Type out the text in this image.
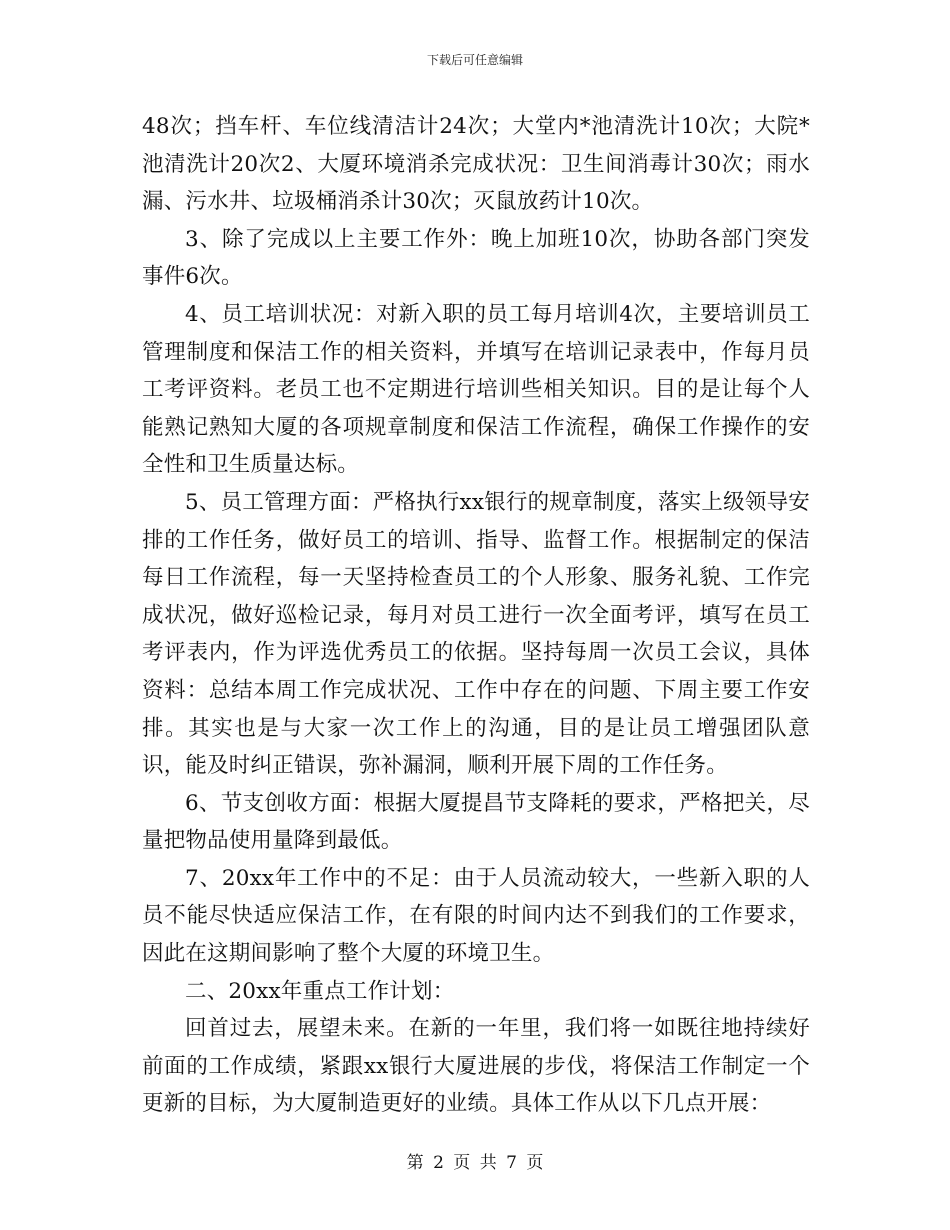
下载后可任意编辑

48次；挡车杆、车位线清洁计24次；大堂内*池清洗计10次；大院*池清洗计20次2、大厦环境消杀完成状况：卫生间消毒计30次；雨水漏、污水井、垃圾桶消杀计30次；灭鼠放药计10次。

3、除了完成以上主要工作外：晚上加班10次，协助各部门突发事件6次。

4、员工培训状况：对新入职的员工每月培训4次，主要培训员工管理制度和保洁工作的相关资料，并填写在培训记录表中，作每月员工考评资料。老员工也不定期进行培训些相关知识。目的是让每个人能熟记熟知大厦的各项规章制度和保洁工作流程，确保工作操作的安全性和卫生质量达标。

5、员工管理方面：严格执行xx银行的规章制度，落实上级领导安排的工作任务，做好员工的培训、指导、监督工作。根据制定的保洁每日工作流程，每一天坚持检查员工的个人形象、服务礼貌、工作完成状况，做好巡检记录，每月对员工进行一次全面考评，填写在员工考评表内，作为评选优秀员工的依据。坚持每周一次员工会议，具体资料：总结本周工作完成状况、工作中存在的问题、下周主要工作安排。其实也是与大家一次工作上的沟通，目的是让员工增强团队意识，能及时纠正错误，弥补漏洞，顺利开展下周的工作任务。

6、节支创收方面：根据大厦提昌节支降耗的要求，严格把关，尽量把物品使用量降到最低。

7、20xx年工作中的不足：由于人员流动较大，一些新入职的人员不能尽快适应保洁工作，在有限的时间内达不到我们的工作要求，因此在这期间影响了整个大厦的环境卫生。

二、20xx年重点工作计划：

回首过去，展望未来。在新的一年里，我们将一如既往地持续好前面的工作成绩，紧跟xx银行大厦进展的步伐，将保洁工作制定一个更新的目标，为大厦制造更好的业绩。具体工作从以下几点开展：

第 2 页 共 7 页
